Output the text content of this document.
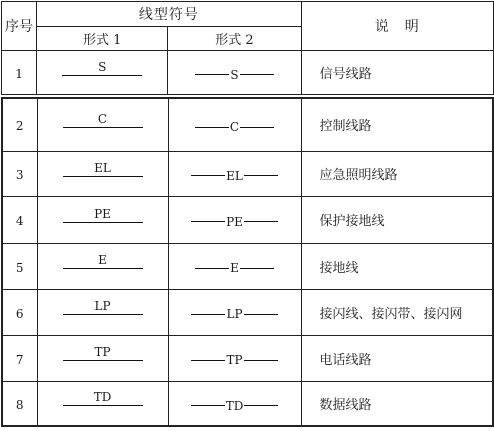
序号	线型符号		说　明
	形式 1	形式 2	
1	S	S	信号线路
2	C	C	控制线路
3	EL	EL	应急照明线路
4	PE	PE	保护接地线
5	E	E	接地线
6	LP	LP	接闪线、接闪带、接闪网
7	TP	TP	电话线路
8	TD	TD	数据线路
